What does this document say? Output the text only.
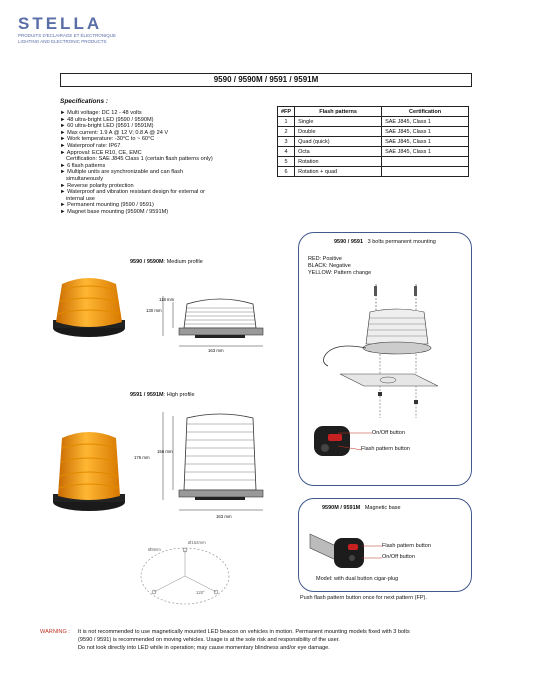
STELLA
PRODUITS D'ECLAIRAGE ET ÉLECTRONIQUE
LIGHTING AND ELECTRONIC PRODUCTS
9590 / 9590M / 9591 / 9591M
Specifications :
► Multi voltage: DC 12 - 48 volts
► 48 ultra-bright LED (9590 / 9590M)
► 60 ultra-bright LED (9591 / 9591M)
► Max current: 1.9 A @ 12 V; 0.8 A @ 24 V
► Work temperature: -30°C to ~ 60°C
► Waterproof rate: IP67
► Approval: ECE R10, CE, EMC
Certification: SAE J845 Class 1 (certain flash patterns only)
► 6 flash patterns
► Multiple units are synchronizable and can flash
simultaneously
► Reverse polarity protection
► Waterproof and vibration resistant design for external or
internal use
► Permanent mounting (9590 / 9591)
► Magnet base mounting (9590M / 9591M)
#FP	Flash patterns	Certification
1	Single	SAE J845, Class 1
2	Double	SAE J845, Class 1
3	Quad (quick)	SAE J845, Class 1
4	Octa	SAE J845, Class 1
5	Rotation	
6	Rotation + quad	
9590 / 9590M: Medium profile
118 mm
130 mm
163 mm
9591 / 9591M: High profile
176 mm
156 mm
163 mm
Ø8mm
Ø152mm
120°
9590 / 9591 3 bolts permanent mounting
RED: Positive
BLACK: Negative
YELLOW: Pattern change
On/Off button
Flash pattern button
9590M / 9591M Magnetic base
Flash pattern button
On/Off button
Model: with dual button cigar-plug
Push flash pattern button once for next pattern (FP).
WARNING :	It is not recommended to use magnetically mounted LED beacon on vehicles in motion. Permanent mounting models fixed with 3 bolts
(9590 / 9591) is recommended on moving vehicles. Usage is at the sole risk and responsibility of the user.
Do not look directly into LED while in operation; may cause momentary blindness and/or eye damage.
